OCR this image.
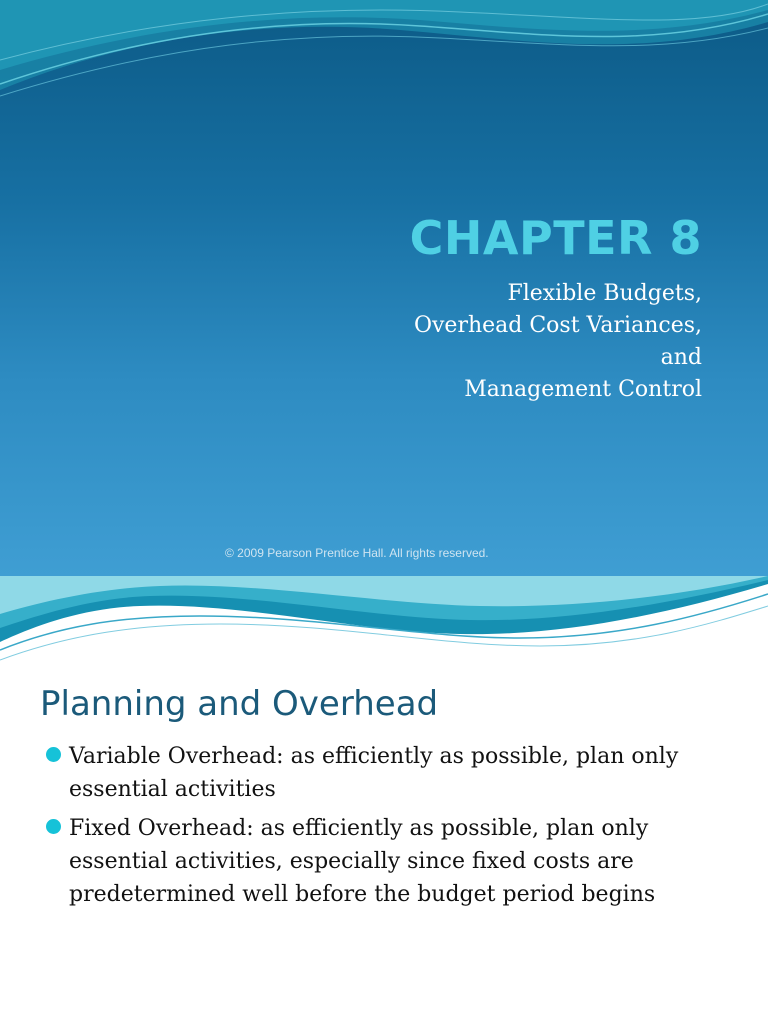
CHAPTER 8
Flexible Budgets,
Overhead Cost Variances,
and
Management Control
© 2009 Pearson Prentice Hall. All rights reserved.
Planning and Overhead
Variable Overhead: as efficiently as possible, plan only essential activities
Fixed Overhead: as efficiently as possible, plan only essential activities, especially since fixed costs are predetermined well before the budget period begins
